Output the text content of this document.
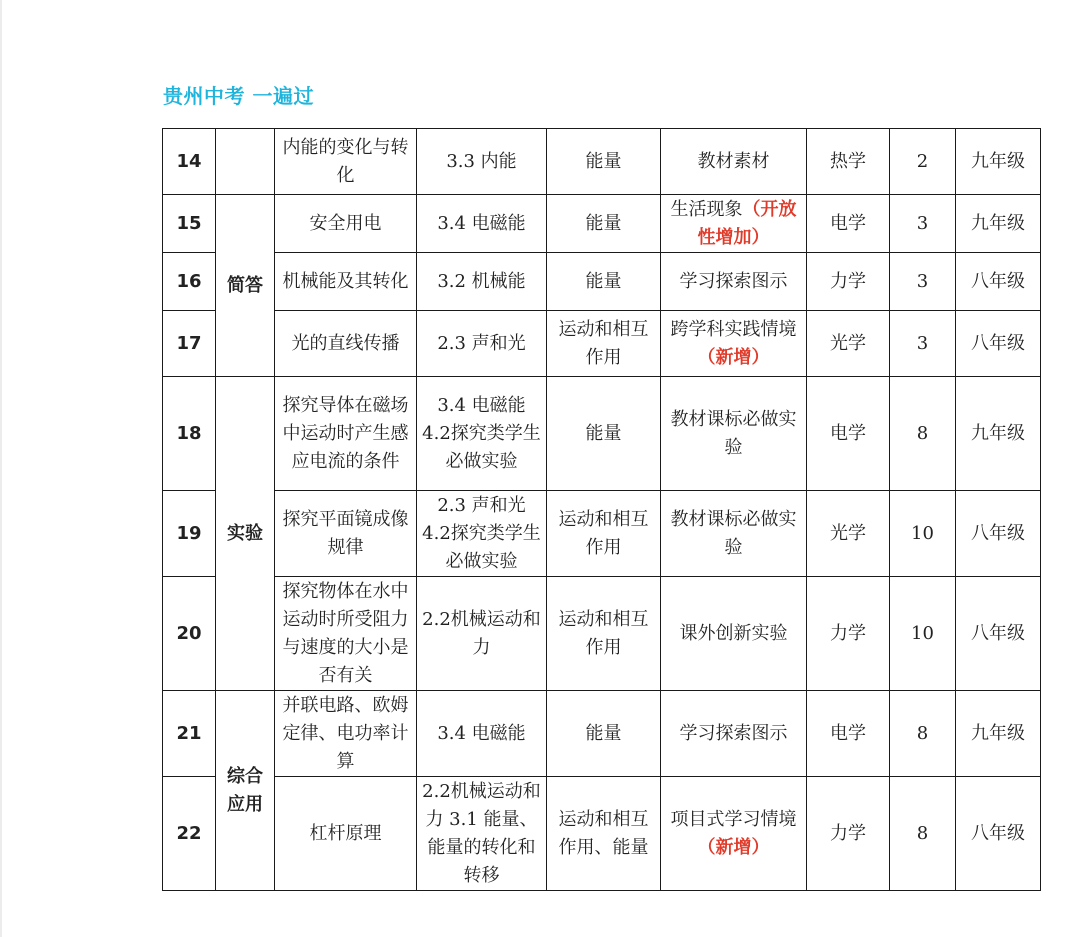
贵州中考 一遍过
14		内能的变化与转化	3.3 内能	能量	教材素材	热学	2	九年级
15	简答	安全用电	3.4 电磁能	能量	生活现象（开放性增加）	电学	3	九年级
16		机械能及其转化	3.2 机械能	能量	学习探索图示	力学	3	八年级
17		光的直线传播	2.3 声和光	运动和相互作用	跨学科实践情境（新增）	光学	3	八年级
18	实验	探究导体在磁场中运动时产生感应电流的条件	3.4 电磁能 4.2探究类学生必做实验	能量	教材课标必做实验	电学	8	九年级
19		探究平面镜成像规律	2.3 声和光 4.2探究类学生必做实验	运动和相互作用	教材课标必做实验	光学	10	八年级
20		探究物体在水中运动时所受阻力与速度的大小是否有关	2.2机械运动和力	运动和相互作用	课外创新实验	力学	10	八年级
21	综合应用	并联电路、欧姆定律、电功率计算	3.4 电磁能	能量	学习探索图示	电学	8	九年级
22		杠杆原理	2.2机械运动和力 3.1 能量、能量的转化和转移	运动和相互作用、能量	项目式学习情境（新增）	力学	8	八年级
